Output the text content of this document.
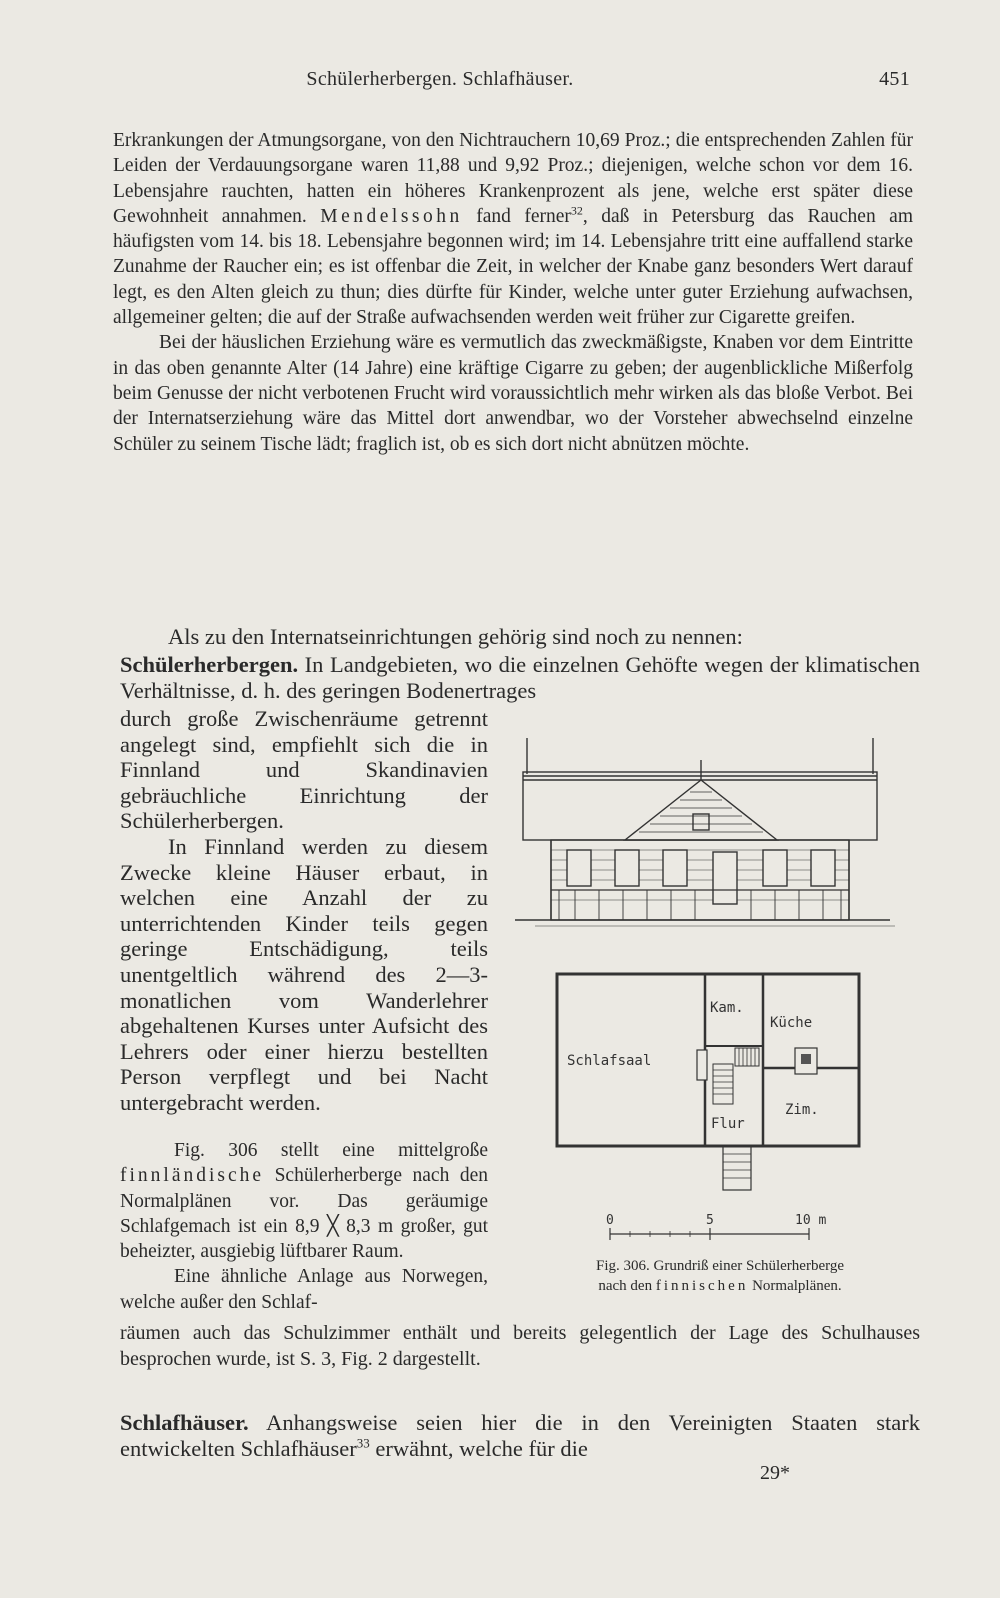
Schülerherbergen. Schlafhäuser.	451

Erkrankungen der Atmungsorgane, von den Nichtrauchern 10,69 Proz.; die entsprechenden Zahlen für Leiden der Verdauungsorgane waren 11,88 und 9,92 Proz.; diejenigen, welche schon vor dem 16. Lebensjahre rauchten, hatten ein höheres Krankenprozent als jene, welche erst später diese Gewohnheit annahmen. Mendelssohn fand ferner$^{32}$, daß in Petersburg das Rauchen am häufigsten vom 14. bis 18. Lebensjahre begonnen wird; im 14. Lebensjahre tritt eine auffallend starke Zunahme der Raucher ein; es ist offenbar die Zeit, in welcher der Knabe ganz besonders Wert darauf legt, es den Alten gleich zu thun; dies dürfte für Kinder, welche unter guter Erziehung aufwachsen, allgemeiner gelten; die auf der Straße aufwachsenden werden weit früher zur Cigarette greifen.

Bei der häuslichen Erziehung wäre es vermutlich das zweckmäßigste, Knaben vor dem Eintritte in das oben genannte Alter (14 Jahre) eine kräftige Cigarre zu geben; der augenblickliche Mißerfolg beim Genusse der nicht verbotenen Frucht wird voraussichtlich mehr wirken als das bloße Verbot. Bei der Internatserziehung wäre das Mittel dort anwendbar, wo der Vorsteher abwechselnd einzelne Schüler zu seinem Tische lädt; fraglich ist, ob es sich dort nicht abnützen möchte.

Als zu den Internatseinrichtungen gehörig sind noch zu nennen:
Schülerherbergen. In Landgebieten, wo die einzelnen Gehöfte wegen der klimatischen Verhältnisse, d. h. des geringen Bodenertrages

durch große Zwischenräume getrennt angelegt sind, empfiehlt sich die in Finnland und Skandinavien gebräuchliche Einrichtung der Schülerherbergen.

In Finnland werden zu diesem Zwecke kleine Häuser erbaut, in welchen eine Anzahl der zu unterrichtenden Kinder teils gegen geringe Entschädigung, teils unentgeltlich während des 2—3-monatlichen vom Wanderlehrer abgehaltenen Kurses unter Aufsicht des Lehrers oder einer hierzu bestellten Person verpflegt und bei Nacht untergebracht werden.

Fig. 306 stellt eine mittelgroße finnländische Schülerherberge nach den Normalplänen vor. Das geräumige Schlafgemach ist ein 8,9 ╳ 8,3 m großer, gut beheizter, ausgiebig lüftbarer Raum.

Eine ähnliche Anlage aus Norwegen, welche außer den Schlaf-

räumen auch das Schulzimmer enthält und bereits gelegentlich der Lage des Schulhauses besprochen wurde, ist S. 3, Fig. 2 dargestellt.
Schlafhäuser. Anhangsweise seien hier die in den Vereinigten Staaten stark entwickelten Schlafhäuser$^{33}$ erwähnt, welche für die
29*
Schlafsaal
Kam.
Küche
Zim.
Flur
0	5	10 m
Fig. 306. Grundriß einer Schülerherberge
nach den finnischen Normalplänen.
